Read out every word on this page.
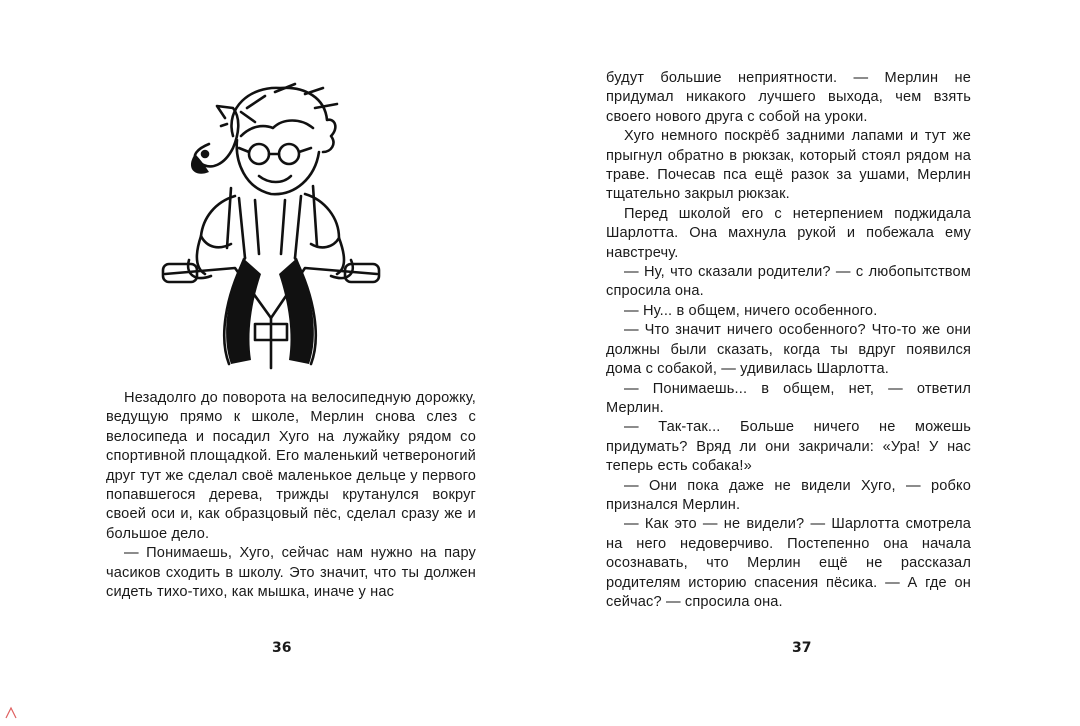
Незадолго до поворота на велосипедную дорожку, ведущую прямо к школе, Мерлин снова слез с велосипеда и посадил Хуго на лужайку рядом со спортивной площадкой. Его маленький четвероногий друг тут же сделал своё маленькое дельце у первого попавшегося дерева, трижды крутанулся вокруг своей оси и, как образцовый пёс, сделал сразу же и большое дело.

— Понимаешь, Хуго, сейчас нам нужно на пару часиков сходить в школу. Это значит, что ты должен сидеть тихо-тихо, как мышка, иначе у нас

36

будут большие неприятности. — Мерлин не придумал никакого лучшего выхода, чем взять своего нового друга с собой на уроки.

Хуго немного поскрёб задними лапами и тут же прыгнул обратно в рюкзак, который стоял рядом на траве. Почесав пса ещё разок за ушами, Мерлин тщательно закрыл рюкзак.

Перед школой его с нетерпением поджидала Шарлотта. Она махнула рукой и побежала ему навстречу.

— Ну, что сказали родители? — с любопытством спросила она.

— Ну... в общем, ничего особенного.

— Что значит ничего особенного? Что-то же они должны были сказать, когда ты вдруг появился дома с собакой, — удивилась Шарлотта.

— Понимаешь... в общем, нет, — ответил Мерлин.

— Так-так... Больше ничего не можешь придумать? Вряд ли они закричали: «Ура! У нас теперь есть собака!»

— Они пока даже не видели Хуго, — робко признался Мерлин.

— Как это — не видели? — Шарлотта смотрела на него недоверчиво. Постепенно она начала осознавать, что Мерлин ещё не рассказал родителям историю спасения пёсика. — А где он сейчас? — спросила она.

37
